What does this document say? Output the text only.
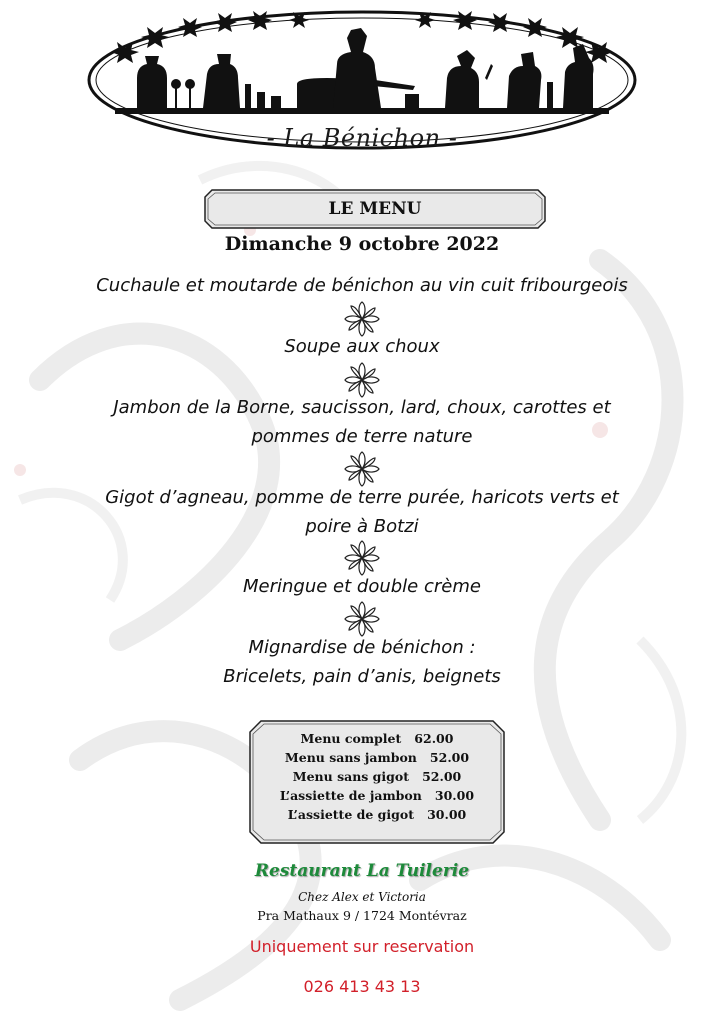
- La Bénichon -
LE MENU
Dimanche 9 octobre 2022
Cuchaule et moutarde de bénichon au vin cuit fribourgeois
Soupe aux choux
Jambon de la Borne, saucisson, lard, choux, carottes et
pommes de terre nature
Gigot d’agneau, pomme de terre purée, haricots verts et
poire à Botzi
Meringue et double crème
Mignardise de bénichon :
Bricelets, pain d’anis, beignets
Menu complet   62.00
Menu sans jambon   52.00
Menu sans gigot   52.00
L’assiette de jambon   30.00
L’assiette de gigot   30.00
Restaurant La Tuilerie
Chez Alex et Victoria
Pra Mathaux 9 / 1724 Montévraz
Uniquement sur reservation
026 413 43 13
